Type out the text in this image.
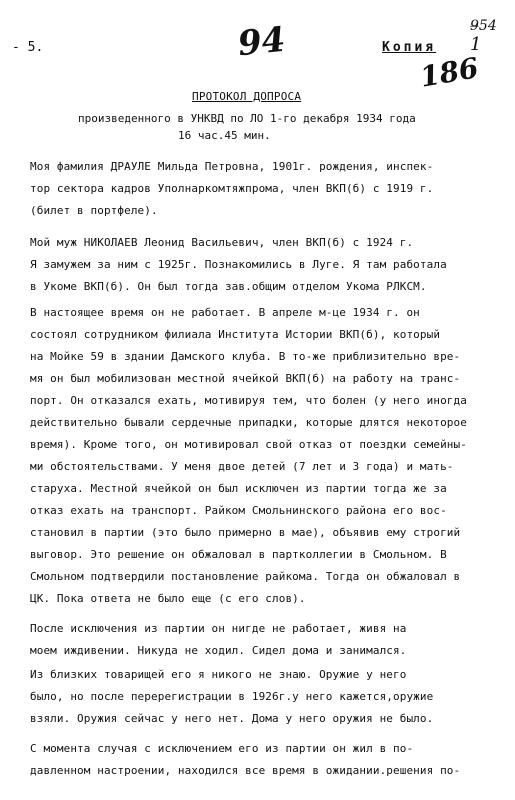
- 5.	94	Копия
9̶54
1
186
ПРОТОКОЛ ДОПРОСА
произведенного в УНКВД по ЛО 1-го декабря 1934 года
16 час.45 мин.
Моя фамилия ДРАУЛЕ Мильда Петровна, 1901г. рождения, инспек-
тор сектора кадров Уполнаркомтяжпрома, член ВКП(б) с 1919 г.
(билет в портфеле).
Мой муж НИКОЛАЕВ Леонид Васильевич, член ВКП(б) с 1924 г.
Я замужем за ним с 1925г. Познакомились в Луге. Я там работала
в Укоме ВКП(б). Он был тогда зав.общим отделом Укома РЛКСМ.
В настоящее время он не работает. В апреле м-це 1934 г. он
состоял сотрудником филиала Института Истории ВКП(б), который
на Мойке 59 в здании Дамского клуба. В то-же приблизительно вре-
мя он был мобилизован местной ячейкой ВКП(б) на работу на транс-
порт. Он отказался ехать, мотивируя тем, что болен (у него иногда
действительно бывали сердечные припадки, которые длятся некоторое
время). Кроме того, он мотивировал свой отказ от поездки семейны-
ми обстоятельствами. У меня двое детей (7 лет и 3 года) и мать-
старуха. Местной ячейкой он был исключен из партии тогда же за
отказ ехать на транспорт. Райком Смольнинского района его вос-
становил в партии (это было примерно в мае), объявив ему строгий
выговор. Это решение он обжаловал в партколлегии в Смольном. В
Смольном подтвердили постановление райкома. Тогда он обжаловал в
ЦК. Пока ответа не было еще (с его слов).
После исключения из партии он нигде не работает, живя на
моем иждивении. Никуда не ходил. Сидел дома и занимался.
Из близких товарищей его я никого не знаю. Оружие у него
было, но после перерегистрации в 1926г.у него кажется,оружие
взяли. Оружия сейчас у него нет. Дома у него оружия не было.
С момента случая с исключением его из партии он жил в по-
давленном настроении, находился все время в ожидании.решения по-
